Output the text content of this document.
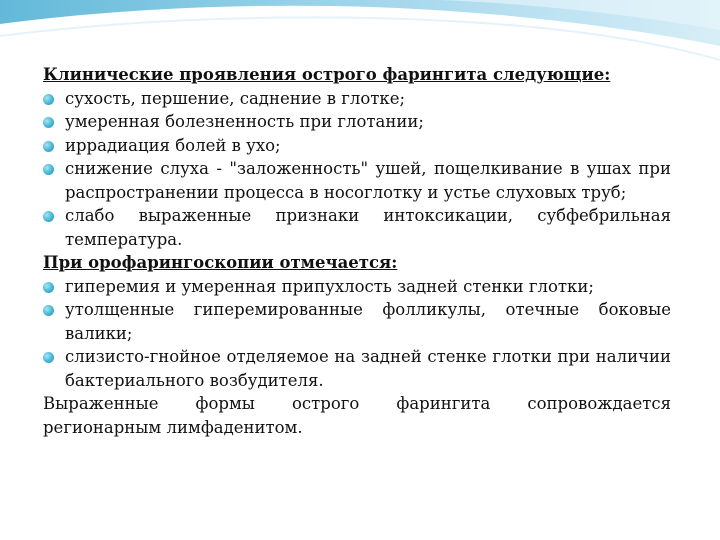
Клинические проявления острого фарингита следующие:

сухость, першение, саднение в глотке;
умеренная болезненность при глотании;
иррадиация болей в ухо;
снижение слуха - "заложенность" ушей, пощелкивание в ушах при распространении процесса в носоглотку и устье слуховых труб;
слабо выраженные признаки интоксикации, субфебрильная температура.

При орофарингоскопии отмечается:

гиперемия и умеренная припухлость задней стенки глотки;
утолщенные гиперемированные фолликулы, отечные боковые валики;
слизисто-гнойное отделяемое на задней стенке глотки при наличии бактериального возбудителя.

Выраженные формы острого фарингита сопровождается
регионарным лимфаденитом.
